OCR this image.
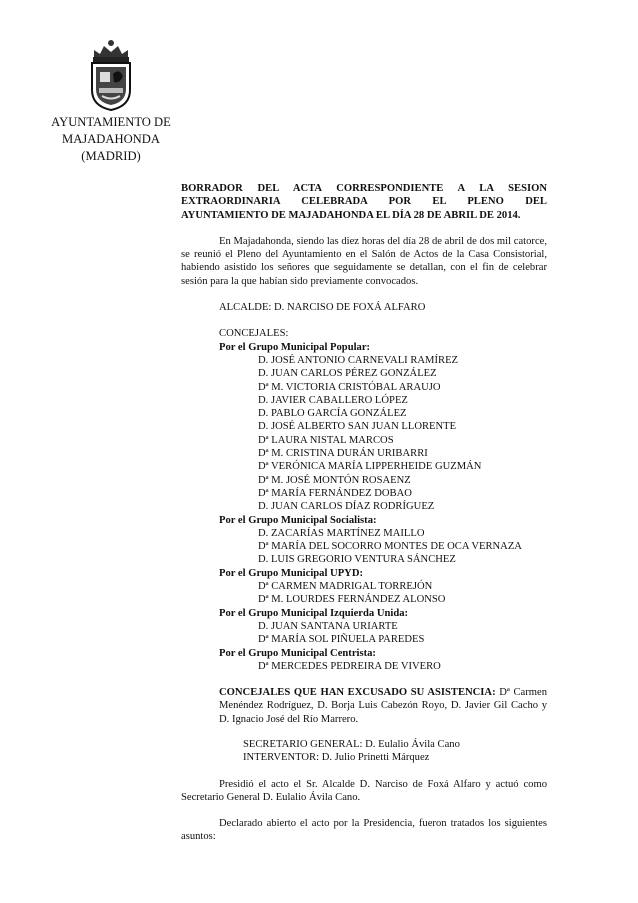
AYUNTAMIENTO DE
MAJADAHONDA
(MADRID)

BORRADOR DEL ACTA CORRESPONDIENTE A LA SESION

EXTRAORDINARIA CELEBRADA POR EL PLENO DEL

AYUNTAMIENTO DE MAJADAHONDA EL DÍA 28 DE ABRIL DE 2014.

En Majadahonda, siendo las diez horas del día 28 de abril de dos mil catorce,
se reunió el Pleno del Ayuntamiento en el Salón de Actos de la Casa Consistorial,
habiendo asistido los señores que seguidamente se detallan, con el fin de celebrar
sesión para la que habían sido previamente convocados.

ALCALDE: D. NARCISO DE FOXÁ ALFARO
CONCEJALES:
Por el Grupo Municipal Popular:
D. JOSÉ ANTONIO CARNEVALI RAMÍREZ
D. JUAN CARLOS PÉREZ GONZÁLEZ
Dª M. VICTORIA CRISTÓBAL ARAUJO
D. JAVIER CABALLERO LÓPEZ
D. PABLO GARCÍA GONZÁLEZ
D. JOSÉ ALBERTO SAN JUAN LLORENTE
Dª LAURA NISTAL MARCOS
Dª M. CRISTINA DURÁN URIBARRI
Dª VERÓNICA MARÍA LIPPERHEIDE GUZMÁN
Dª M. JOSÉ MONTÓN ROSAENZ
Dª MARÍA FERNÁNDEZ DOBAO
D. JUAN CARLOS DÍAZ RODRÍGUEZ
Por el Grupo Municipal Socialista:
D. ZACARÍAS MARTÍNEZ MAILLO
Dª MARÍA DEL SOCORRO MONTES DE OCA VERNAZA
D. LUIS GREGORIO VENTURA SÁNCHEZ
Por el Grupo Municipal UPYD:
Dª CARMEN MADRIGAL TORREJÓN
Dª M. LOURDES FERNÁNDEZ ALONSO
Por el Grupo Municipal Izquierda Unida:
D. JUAN SANTANA URIARTE
Dª MARÍA SOL PIÑUELA PAREDES
Por el Grupo Municipal Centrista:
Dª MERCEDES PEDREIRA DE VIVERO

CONCEJALES QUE HAN EXCUSADO SU ASISTENCIA: Dª Carmen
Menéndez Rodríguez, D. Borja Luis Cabezón Royo, D. Javier Gil Cacho y
D. Ignacio José del Río Marrero.

SECRETARIO GENERAL: D. Eulalio Ávila Cano
INTERVENTOR: D. Julio Prinetti Márquez

Presidió el acto el Sr. Alcalde D. Narciso de Foxá Alfaro y actuó como
Secretario General D. Eulalio Ávila Cano.

Declarado abierto el acto por la Presidencia, fueron tratados los siguientes
asuntos:
